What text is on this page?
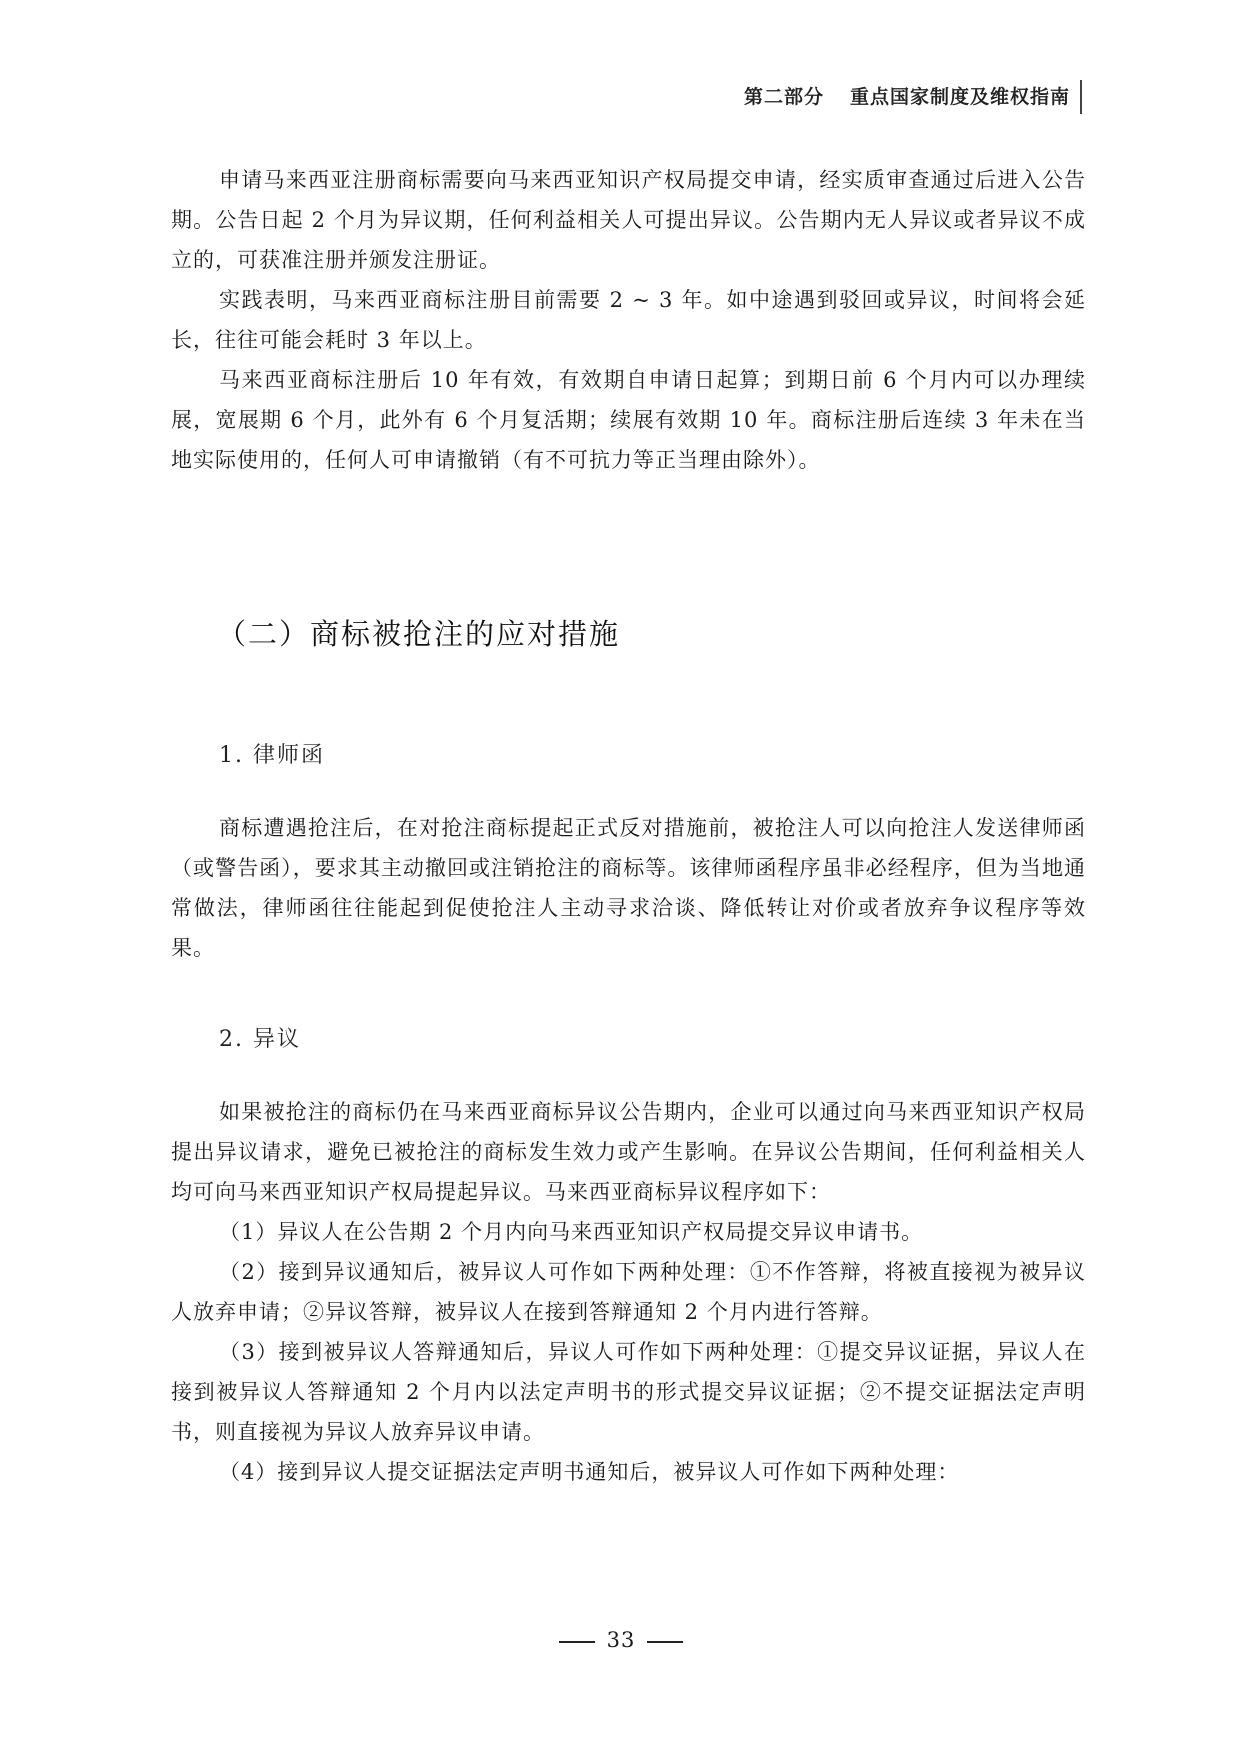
第二部分 重点国家制度及维权指南

申请马来西亚注册商标需要向马来西亚知识产权局提交申请，经实质审查通过后进入公告期。公告日起 2 个月为异议期，任何利益相关人可提出异议。公告期内无人异议或者异议不成立的，可获准注册并颁发注册证。

实践表明，马来西亚商标注册目前需要 2 ~ 3 年。如中途遇到驳回或异议，时间将会延长，往往可能会耗时 3 年以上。

马来西亚商标注册后 10 年有效，有效期自申请日起算；到期日前 6 个月内可以办理续展，宽展期 6 个月，此外有 6 个月复活期；续展有效期 10 年。商标注册后连续 3 年未在当地实际使用的，任何人可申请撤销（有不可抗力等正当理由除外）。

（二）商标被抢注的应对措施
1. 律师函

商标遭遇抢注后，在对抢注商标提起正式反对措施前，被抢注人可以向抢注人发送律师函（或警告函），要求其主动撤回或注销抢注的商标等。该律师函程序虽非必经程序，但为当地通常做法，律师函往往能起到促使抢注人主动寻求洽谈、降低转让对价或者放弃争议程序等效果。

2. 异议

如果被抢注的商标仍在马来西亚商标异议公告期内，企业可以通过向马来西亚知识产权局提出异议请求，避免已被抢注的商标发生效力或产生影响。在异议公告期间，任何利益相关人均可向马来西亚知识产权局提起异议。马来西亚商标异议程序如下：

（1）异议人在公告期 2 个月内向马来西亚知识产权局提交异议申请书。

（2）接到异议通知后，被异议人可作如下两种处理：①不作答辩，将被直接视为被异议人放弃申请；②异议答辩，被异议人在接到答辩通知 2 个月内进行答辩。

（3）接到被异议人答辩通知后，异议人可作如下两种处理：①提交异议证据，异议人在接到被异议人答辩通知 2 个月内以法定声明书的形式提交异议证据；②不提交证据法定声明书，则直接视为异议人放弃异议申请。

（4）接到异议人提交证据法定声明书通知后，被异议人可作如下两种处理：

33
